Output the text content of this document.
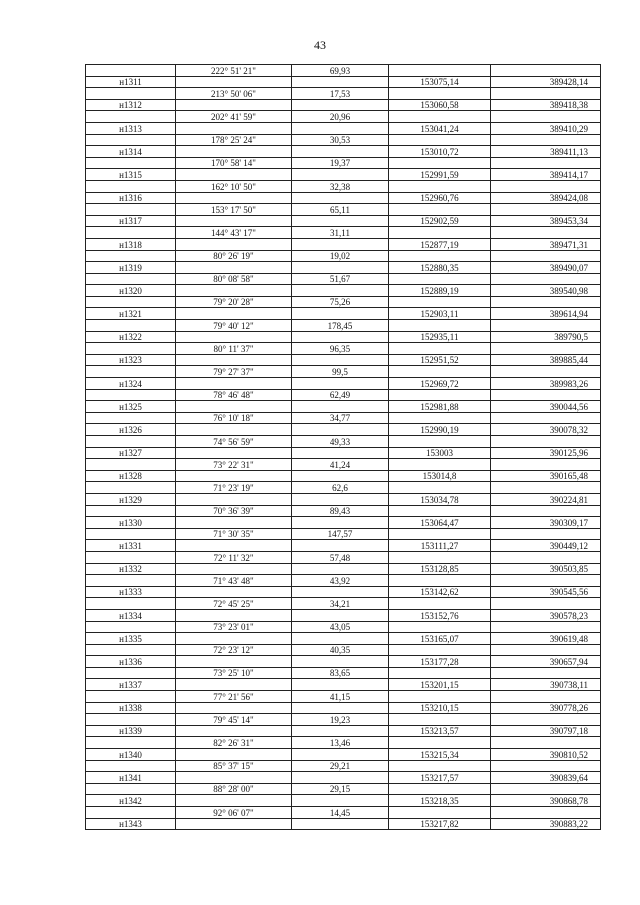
43
	222° 51' 21"	69,93		
н1311			153075,14	389428,14
	213° 50' 06"	17,53		
н1312			153060,58	389418,38
	202° 41' 59"	20,96		
н1313			153041,24	389410,29
	178° 25' 24"	30,53		
н1314			153010,72	389411,13
	170° 58' 14"	19,37		
н1315			152991,59	389414,17
	162° 10' 50"	32,38		
н1316			152960,76	389424,08
	153° 17' 50"	65,11		
н1317			152902,59	389453,34
	144° 43' 17"	31,11		
н1318			152877,19	389471,31
	80° 26' 19"	19,02		
н1319			152880,35	389490,07
	80° 08' 58"	51,67		
н1320			152889,19	389540,98
	79° 20' 28"	75,26		
н1321			152903,11	389614,94
	79° 40' 12"	178,45		
н1322			152935,11	389790,5
	80° 11' 37"	96,35		
н1323			152951,52	389885,44
	79° 27' 37"	99,5		
н1324			152969,72	389983,26
	78° 46' 48"	62,49		
н1325			152981,88	390044,56
	76° 10' 18"	34,77		
н1326			152990,19	390078,32
	74° 56' 59"	49,33		
н1327			153003	390125,96
	73° 22' 31"	41,24		
н1328			153014,8	390165,48
	71° 23' 19"	62,6		
н1329			153034,78	390224,81
	70° 36' 39"	89,43		
н1330			153064,47	390309,17
	71° 30' 35"	147,57		
н1331			153111,27	390449,12
	72° 11' 32"	57,48		
н1332			153128,85	390503,85
	71° 43' 48"	43,92		
н1333			153142,62	390545,56
	72° 45' 25"	34,21		
н1334			153152,76	390578,23
	73° 23' 01"	43,05		
н1335			153165,07	390619,48
	72° 23' 12"	40,35		
н1336			153177,28	390657,94
	73° 25' 10"	83,65		
н1337			153201,15	390738,11
	77° 21' 56"	41,15		
н1338			153210,15	390778,26
	79° 45' 14"	19,23		
н1339			153213,57	390797,18
	82° 26' 31"	13,46		
н1340			153215,34	390810,52
	85° 37' 15"	29,21		
н1341			153217,57	390839,64
	88° 28' 00"	29,15		
н1342			153218,35	390868,78
	92° 06' 07"	14,45		
н1343			153217,82	390883,22
